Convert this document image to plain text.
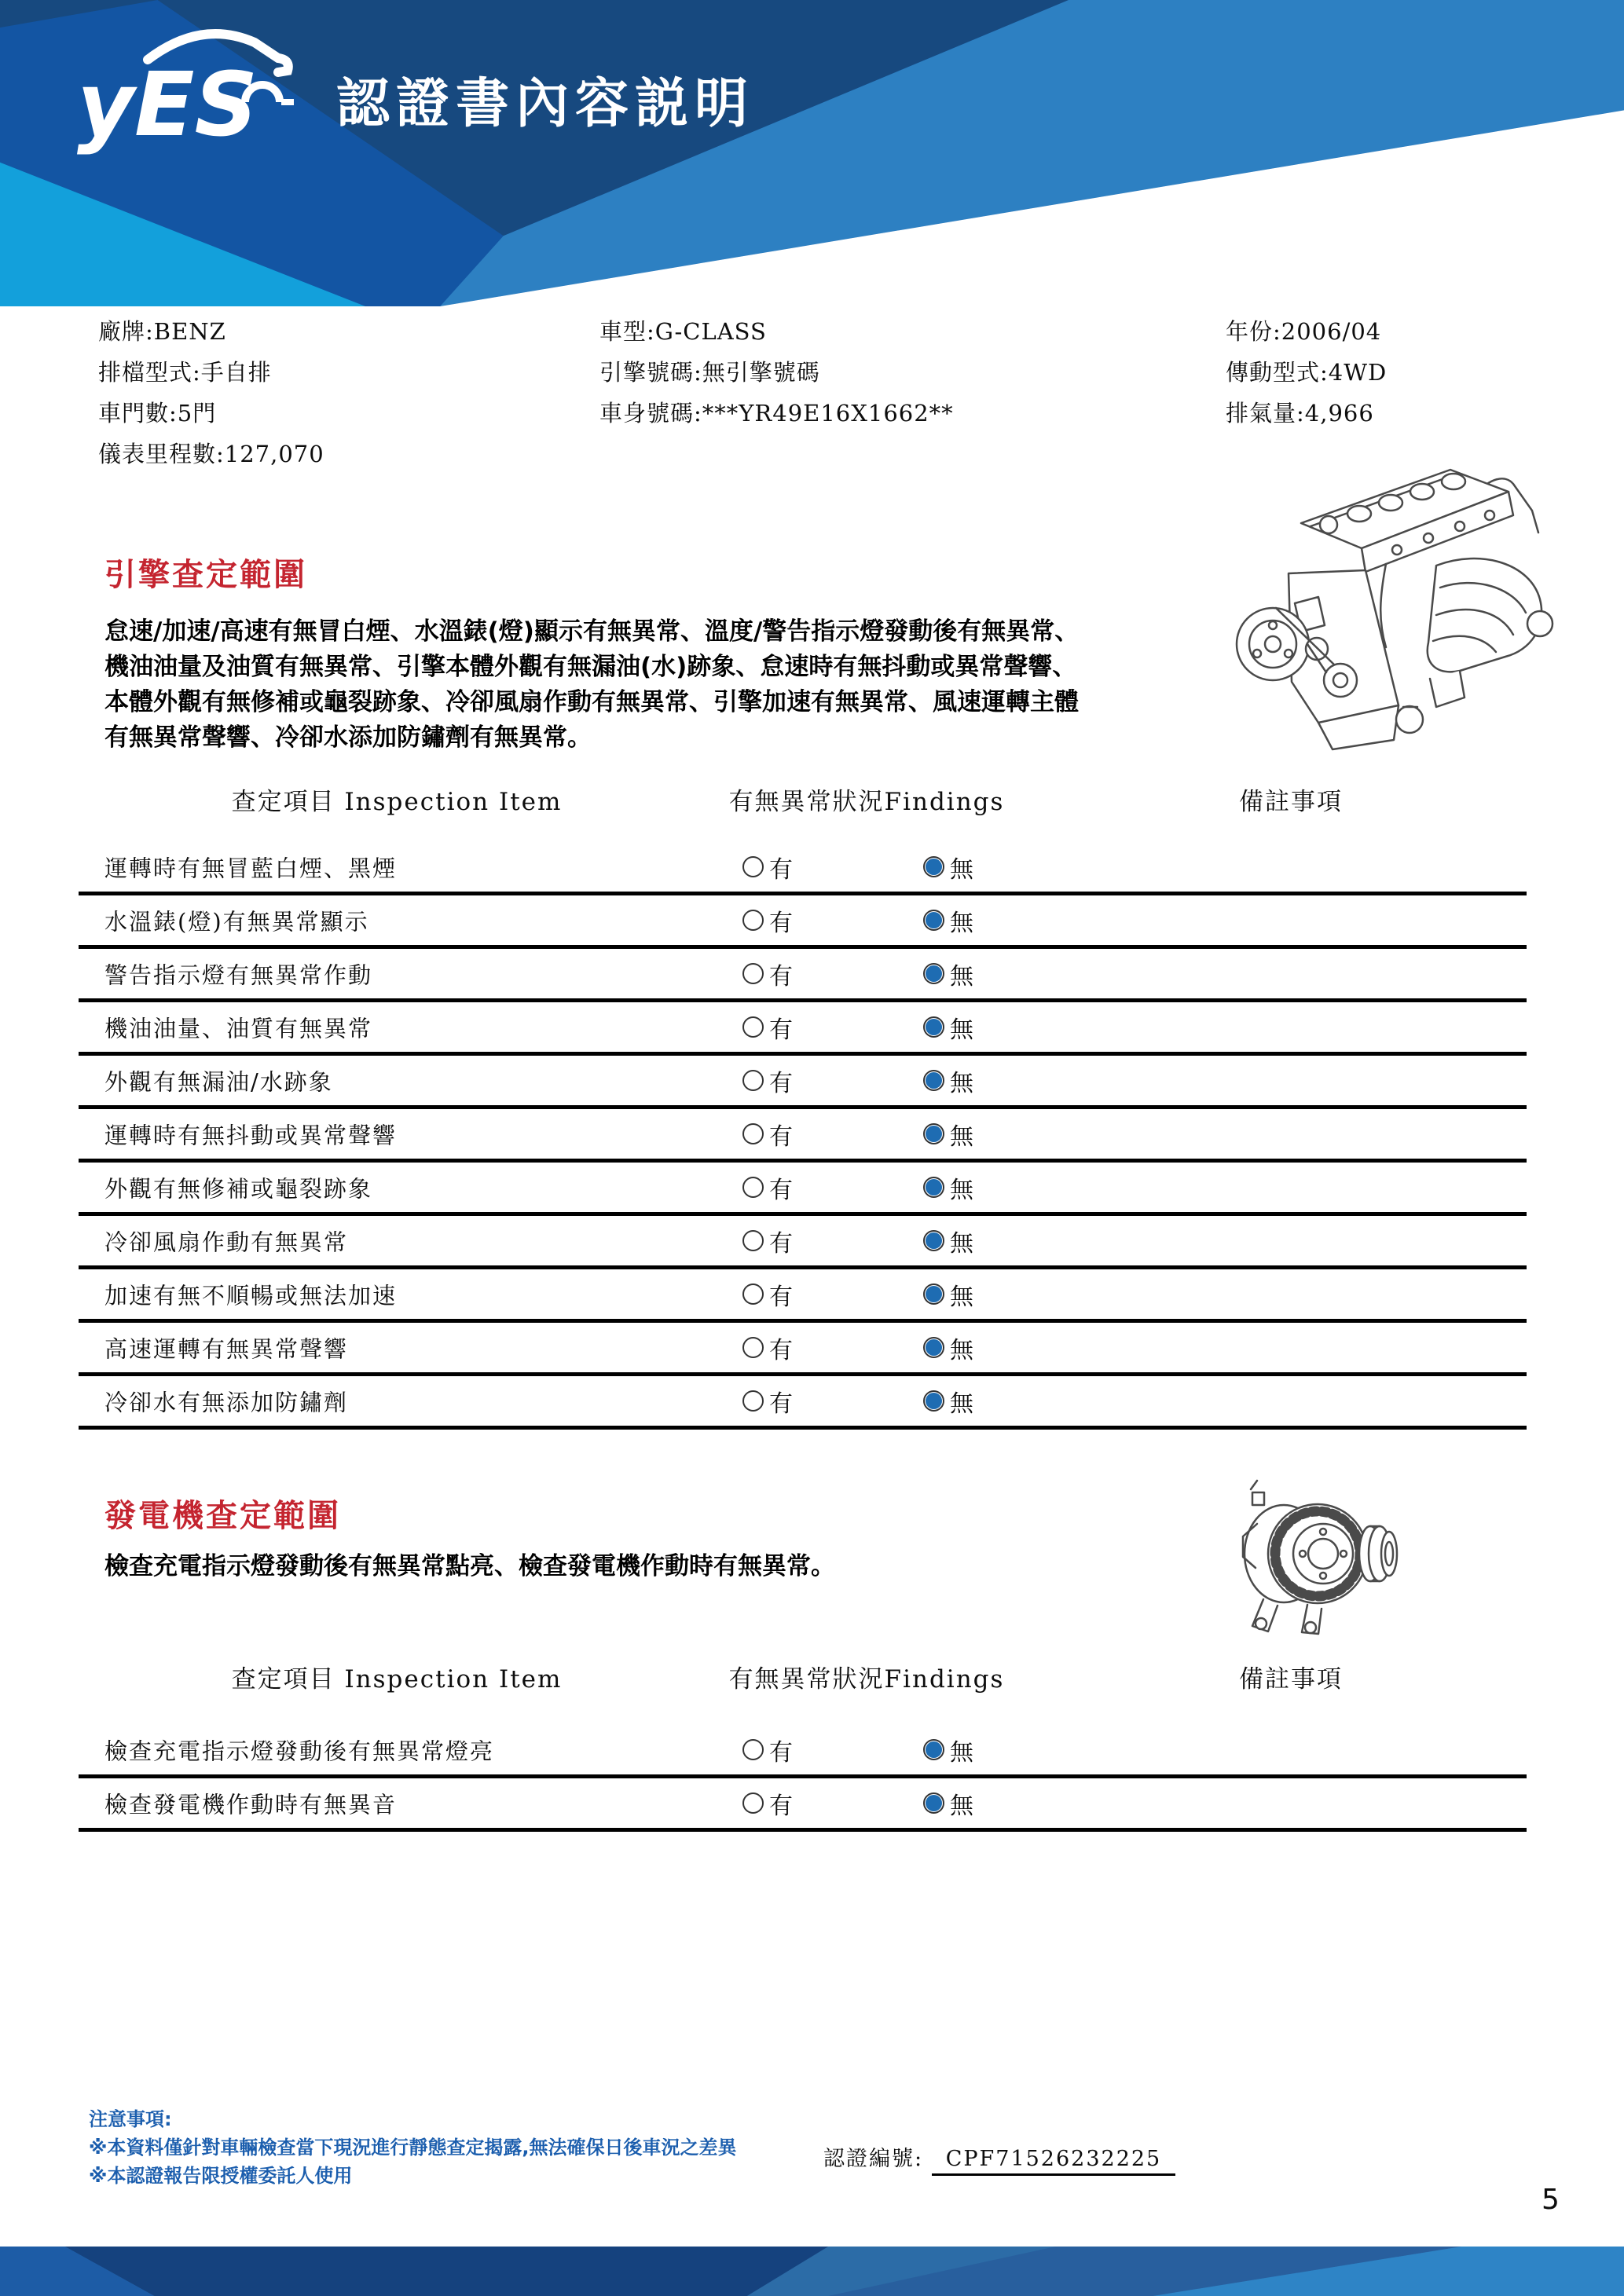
yES 認證書內容説明
廠牌:BENZ
排檔型式:手自排
車門數:5門
儀表里程數:127,070
車型:G-CLASS
引擎號碼:無引擎號碼
車身號碼:***YR49E16X1662**
年份:2006/04
傳動型式:4WD
排氣量:4,966
引擎查定範圍
怠速/加速/高速有無冒白煙、水溫錶(燈)顯示有無異常、溫度/警告指示燈發動後有無異常、
機油油量及油質有無異常、引擎本體外觀有無漏油(水)跡象、怠速時有無抖動或異常聲響、
本體外觀有無修補或龜裂跡象、冷卻風扇作動有無異常、引擎加速有無異常、風速運轉主體
有無異常聲響、冷卻水添加防鏽劑有無異常。
查定項目 Inspection Item	有無異常狀況Findings	備註事項
運轉時有無冒藍白煙、黑煙	有	無
水溫錶(燈)有無異常顯示	有	無
警告指示燈有無異常作動	有	無
機油油量、油質有無異常	有	無
外觀有無漏油/水跡象	有	無
運轉時有無抖動或異常聲響	有	無
外觀有無修補或龜裂跡象	有	無
冷卻風扇作動有無異常	有	無
加速有無不順暢或無法加速	有	無
高速運轉有無異常聲響	有	無
冷卻水有無添加防鏽劑	有	無
發電機查定範圍
檢查充電指示燈發動後有無異常點亮、檢查發電機作動時有無異常。
查定項目 Inspection Item	有無異常狀況Findings	備註事項
檢查充電指示燈發動後有無異常燈亮	有	無
檢查發電機作動時有無異音	有	無
注意事項:
※本資料僅針對車輛檢查當下現況進行靜態查定揭露,無法確保日後車況之差異
※本認證報告限授權委託人使用
認證編號: CPF71526232225
5
